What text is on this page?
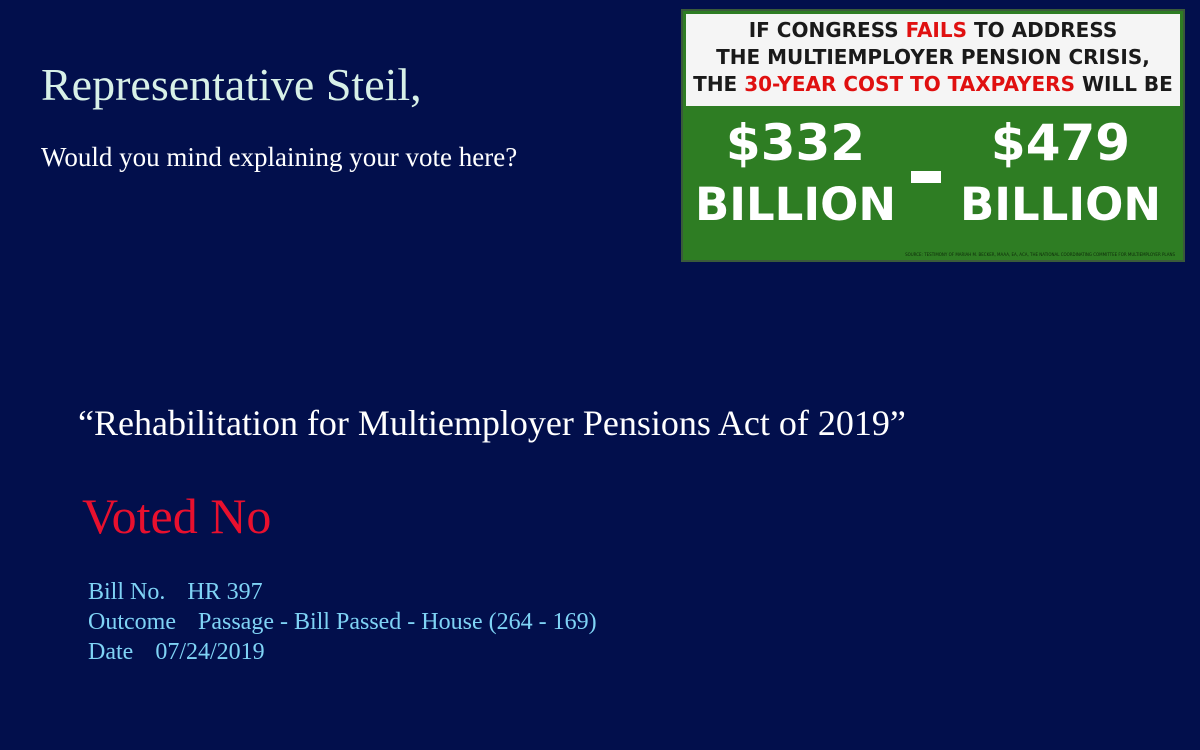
Representative Steil,
Would you mind explaining your vote here?
IF CONGRESS FAILS TO ADDRESS
THE MULTIEMPLOYER PENSION CRISIS,
THE 30-YEAR COST TO TAXPAYERS WILL BE
$332
BILLION
$479
BILLION
SOURCE: TESTIMONY OF MARIAH M. BECKER, MAAA, EA, ACA, THE NATIONAL COORDINATING COMMITTEE FOR MULTIEMPLOYER PLANS
“Rehabilitation for Multiemployer Pensions Act of 2019”
Voted No
Bill No. HR 397
Outcome Passage - Bill Passed - House (264 - 169)
Date 07/24/2019
